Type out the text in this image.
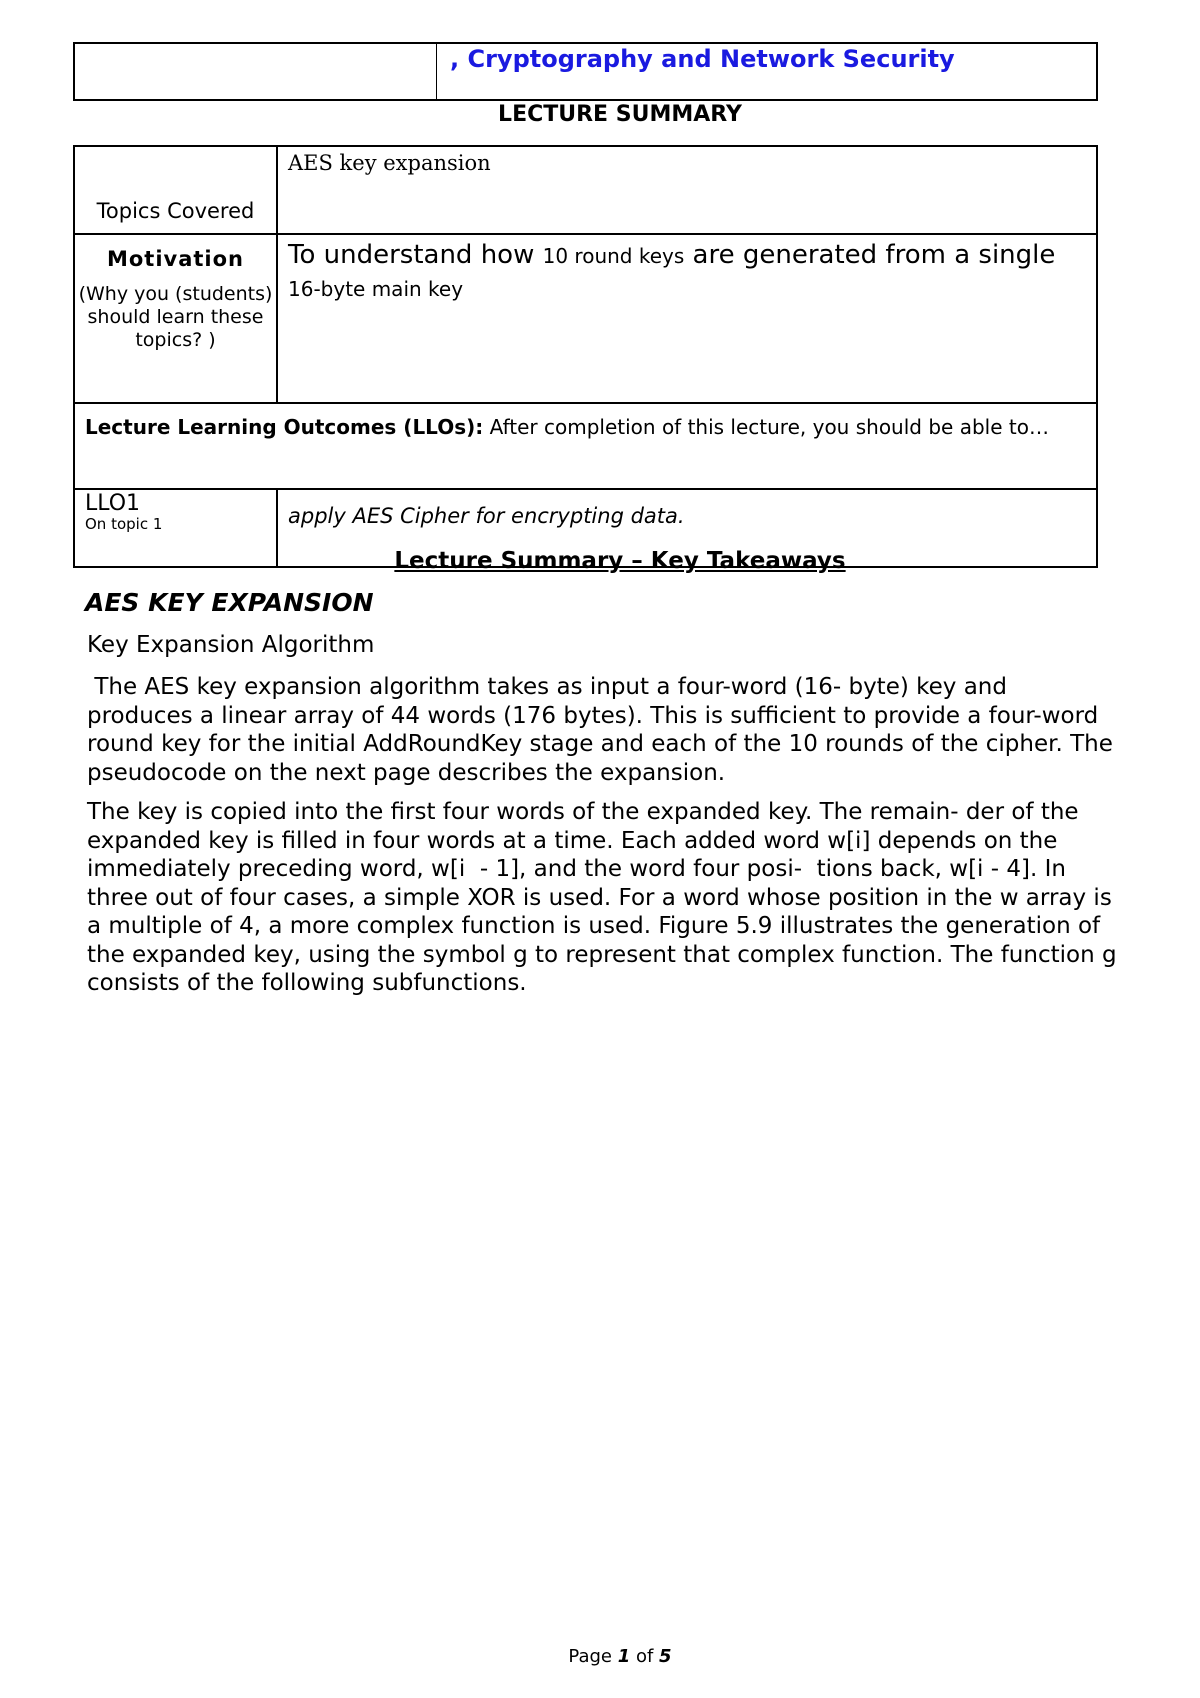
, Cryptography and Network Security
LECTURE SUMMARY
Topics Covered	AES key expansion

Motivation
(Why you (students) should learn these topics? )	To understand how 10 round keys are generated from a single 16-byte main key
Lecture Learning Outcomes (LLOs): After completion of this lecture, you should be able to…	

LLO1
On topic 1	apply AES Cipher for encrypting data.
Lecture Summary – Key Takeaways
AES KEY EXPANSION
Key Expansion Algorithm
The AES key expansion algorithm takes as input a four-word (16- byte) key and produces a linear array of 44 words (176 bytes). This is sufficient to provide a four-word round key for the initial AddRoundKey stage and each of the 10 rounds of the cipher. The pseudocode on the next page describes the expansion.
The key is copied into the first four words of the expanded key. The remain- der of the expanded key is filled in four words at a time. Each added word w[i] depends on the immediately preceding word, w[i  - 1], and the word four posi-  tions back, w[i - 4]. In three out of four cases, a simple XOR is used. For a word whose position in the w array is a multiple of 4, a more complex function is used. Figure 5.9 illustrates the generation of the expanded key, using the symbol g to represent that complex function. The function g consists of the following subfunctions.
Page 1 of 5
